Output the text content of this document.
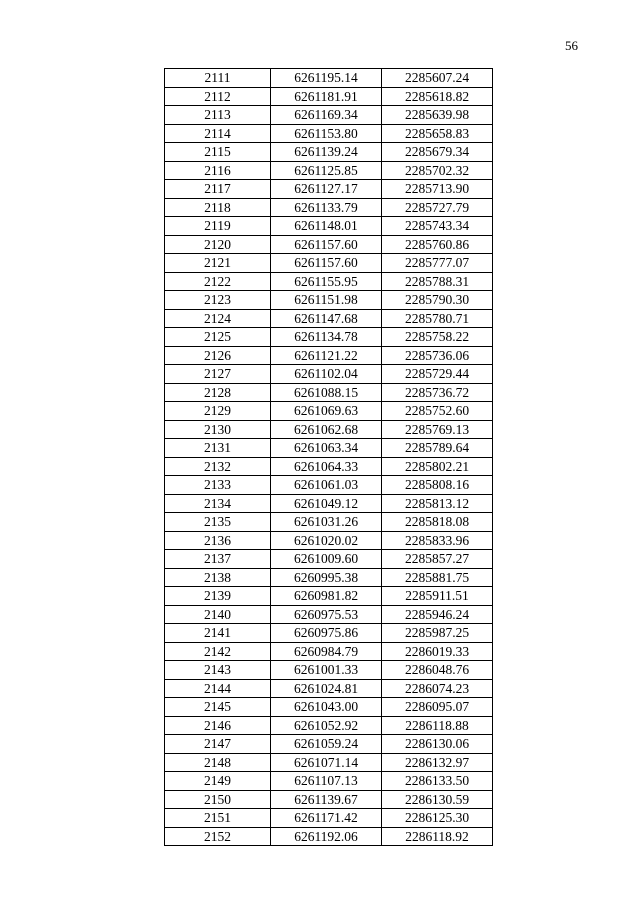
56
2111	6261195.14	2285607.24
2112	6261181.91	2285618.82
2113	6261169.34	2285639.98
2114	6261153.80	2285658.83
2115	6261139.24	2285679.34
2116	6261125.85	2285702.32
2117	6261127.17	2285713.90
2118	6261133.79	2285727.79
2119	6261148.01	2285743.34
2120	6261157.60	2285760.86
2121	6261157.60	2285777.07
2122	6261155.95	2285788.31
2123	6261151.98	2285790.30
2124	6261147.68	2285780.71
2125	6261134.78	2285758.22
2126	6261121.22	2285736.06
2127	6261102.04	2285729.44
2128	6261088.15	2285736.72
2129	6261069.63	2285752.60
2130	6261062.68	2285769.13
2131	6261063.34	2285789.64
2132	6261064.33	2285802.21
2133	6261061.03	2285808.16
2134	6261049.12	2285813.12
2135	6261031.26	2285818.08
2136	6261020.02	2285833.96
2137	6261009.60	2285857.27
2138	6260995.38	2285881.75
2139	6260981.82	2285911.51
2140	6260975.53	2285946.24
2141	6260975.86	2285987.25
2142	6260984.79	2286019.33
2143	6261001.33	2286048.76
2144	6261024.81	2286074.23
2145	6261043.00	2286095.07
2146	6261052.92	2286118.88
2147	6261059.24	2286130.06
2148	6261071.14	2286132.97
2149	6261107.13	2286133.50
2150	6261139.67	2286130.59
2151	6261171.42	2286125.30
2152	6261192.06	2286118.92
